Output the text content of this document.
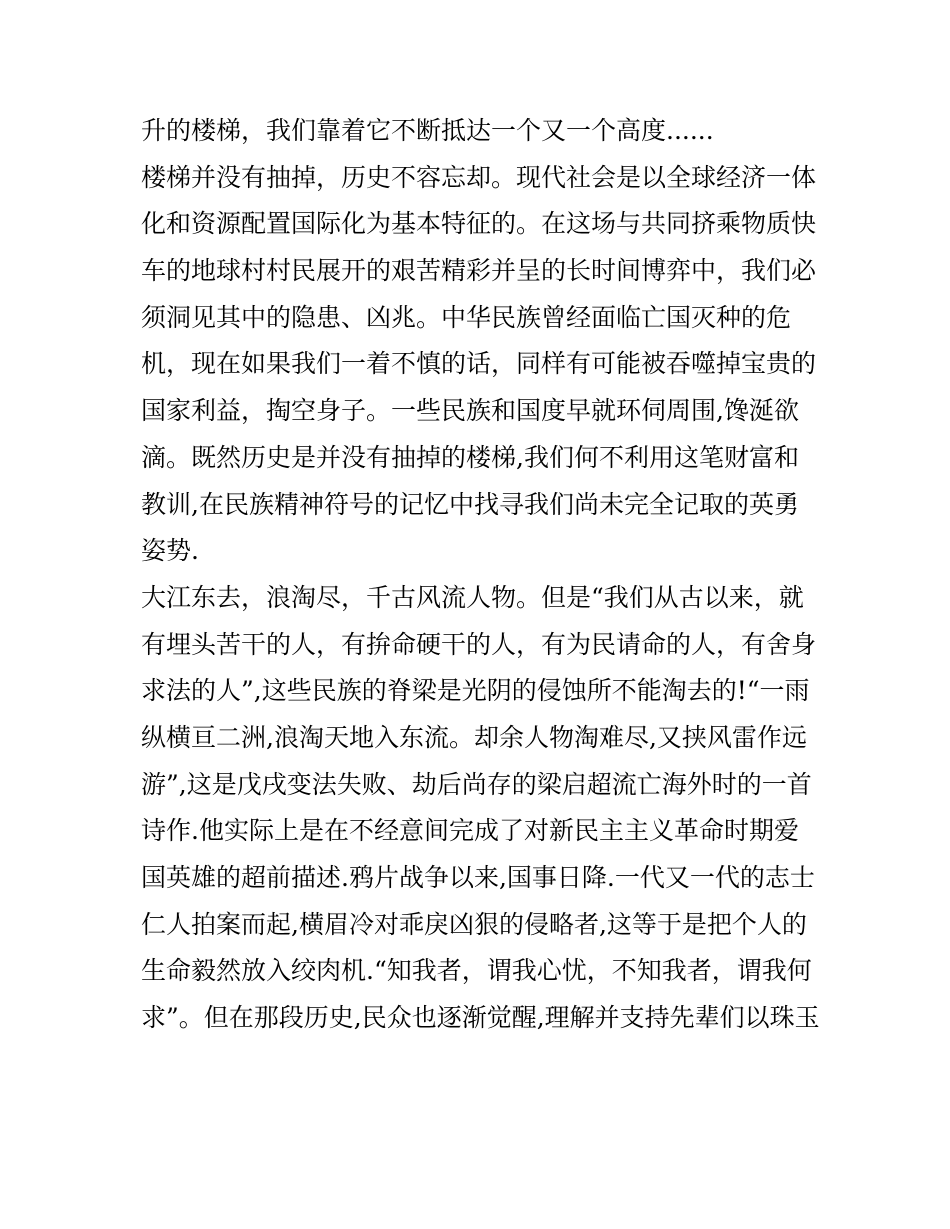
升的楼梯，我们靠着它不断抵达一个又一个高度......
楼梯并没有抽掉，历史不容忘却。现代社会是以全球经济一体
化和资源配置国际化为基本特征的。在这场与共同挤乘物质快
车的地球村村民展开的艰苦精彩并呈的长时间博弈中，我们必
须洞见其中的隐患、凶兆。中华民族曾经面临亡国灭种的危
机，现在如果我们一着不慎的话，同样有可能被吞噬掉宝贵的
国家利益，掏空身子。一些民族和国度早就环伺周围,馋涎欲
滴。既然历史是并没有抽掉的楼梯,我们何不利用这笔财富和
教训,在民族精神符号的记忆中找寻我们尚未完全记取的英勇
姿势.
大江东去，浪淘尽，千古风流人物。但是“我们从古以来，就
有埋头苦干的人，有拚命硬干的人，有为民请命的人，有舍身
求法的人”,这些民族的脊梁是光阴的侵蚀所不能淘去的!“一雨
纵横亘二洲,浪淘天地入东流。却余人物淘难尽,又挟风雷作远
游”,这是戊戌变法失败、劫后尚存的梁启超流亡海外时的一首
诗作.他实际上是在不经意间完成了对新民主主义革命时期爱
国英雄的超前描述.鸦片战争以来,国事日降.一代又一代的志士
仁人拍案而起,横眉冷对乖戾凶狠的侵略者,这等于是把个人的
生命毅然放入绞肉机.“知我者，谓我心忧，不知我者，谓我何
求”。但在那段历史,民众也逐渐觉醒,理解并支持先辈们以珠玉
